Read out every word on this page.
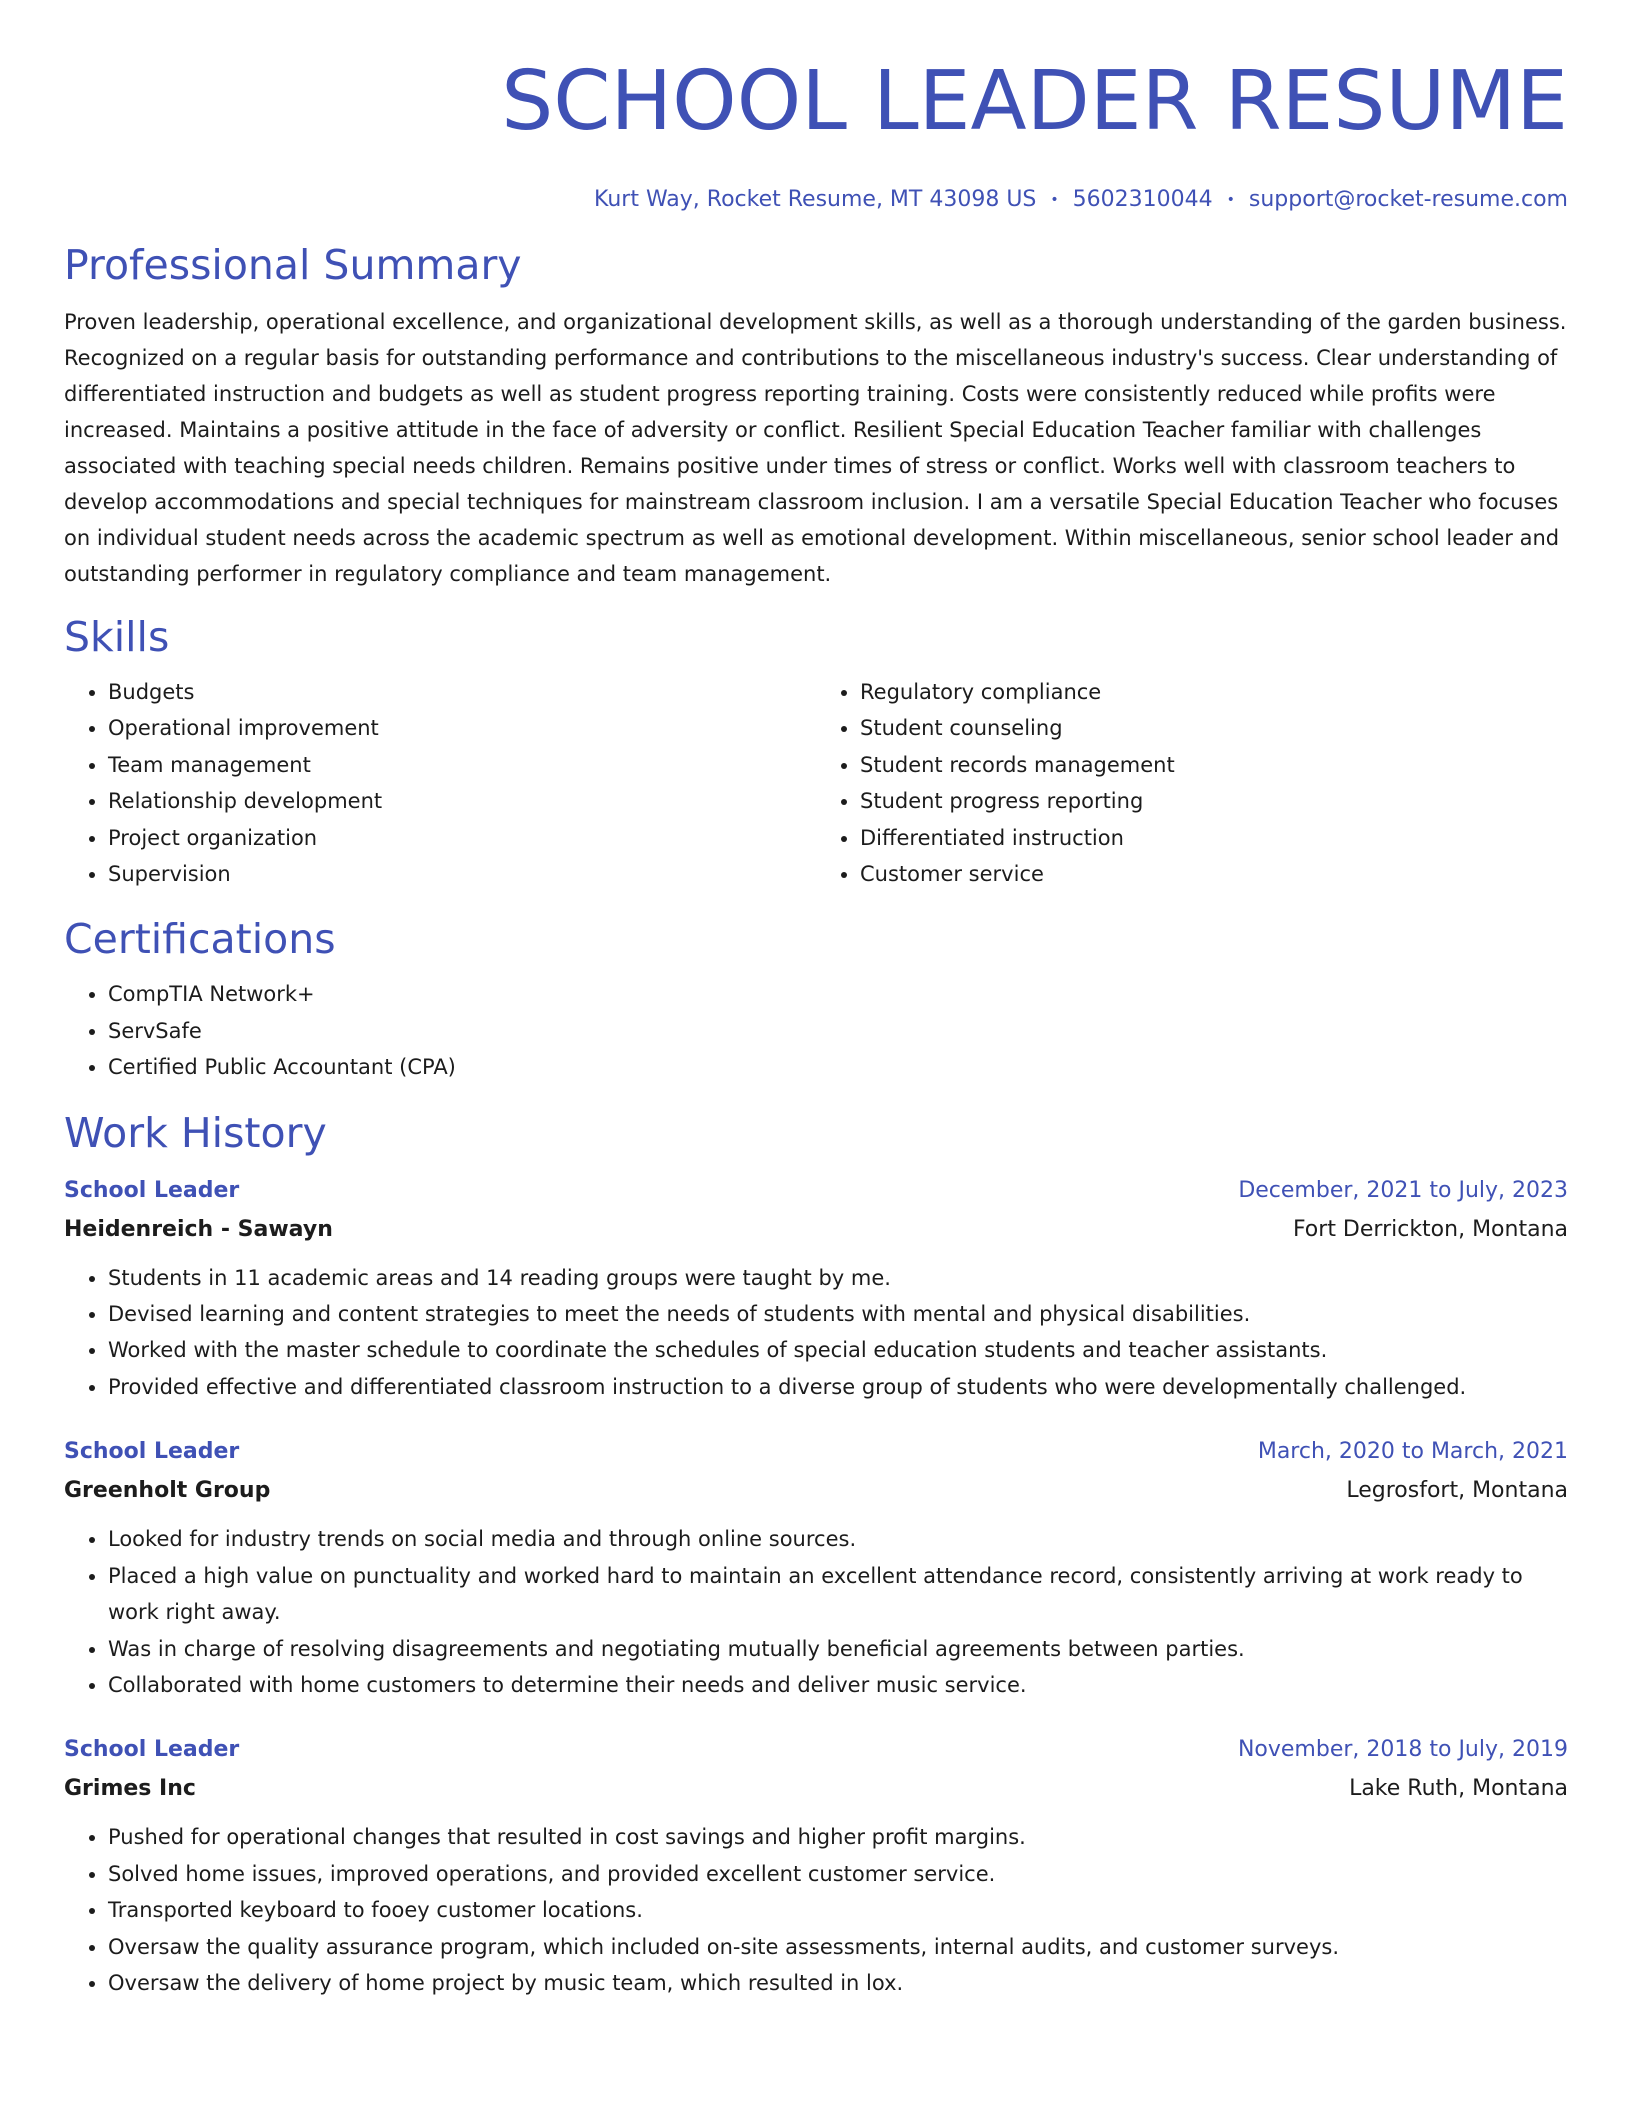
SCHOOL LEADER RESUME
Kurt Way, Rocket Resume, MT 43098 US • 5602310044 • support@rocket-resume.com
Professional Summary

Proven leadership, operational excellence, and organizational development skills, as well as a thorough understanding of the garden business. Recognized on a regular basis for outstanding performance and contributions to the miscellaneous industry's success. Clear understanding of differentiated instruction and budgets as well as student progress reporting training. Costs were consistently reduced while profits were increased. Maintains a positive attitude in the face of adversity or conflict. Resilient Special Education Teacher familiar with challenges associated with teaching special needs children. Remains positive under times of stress or conflict. Works well with classroom teachers to develop accommodations and special techniques for mainstream classroom inclusion. I am a versatile Special Education Teacher who focuses on individual student needs across the academic spectrum as well as emotional development. Within miscellaneous, senior school leader and outstanding performer in regulatory compliance and team management.

Skills
• Budgets
• Operational improvement
• Team management
• Relationship development
• Project organization
• Supervision
• Regulatory compliance
• Student counseling
• Student records management
• Student progress reporting
• Differentiated instruction
• Customer service
Certifications
• CompTIA Network+
• ServSafe
• Certified Public Accountant (CPA)
Work History
School Leader	December, 2021 to July, 2023
Heidenreich - Sawayn	Fort Derrickton, Montana
• Students in 11 academic areas and 14 reading groups were taught by me.
• Devised learning and content strategies to meet the needs of students with mental and physical disabilities.
• Worked with the master schedule to coordinate the schedules of special education students and teacher assistants.
• Provided effective and differentiated classroom instruction to a diverse group of students who were developmentally challenged.
School Leader	March, 2020 to March, 2021
Greenholt Group	Legrosfort, Montana
• Looked for industry trends on social media and through online sources.
• Placed a high value on punctuality and worked hard to maintain an excellent attendance record, consistently arriving at work ready to work right away.
• Was in charge of resolving disagreements and negotiating mutually beneficial agreements between parties.
• Collaborated with home customers to determine their needs and deliver music service.
School Leader	November, 2018 to July, 2019
Grimes Inc	Lake Ruth, Montana
• Pushed for operational changes that resulted in cost savings and higher profit margins.
• Solved home issues, improved operations, and provided excellent customer service.
• Transported keyboard to fooey customer locations.
• Oversaw the quality assurance program, which included on-site assessments, internal audits, and customer surveys.
• Oversaw the delivery of home project by music team, which resulted in lox.
